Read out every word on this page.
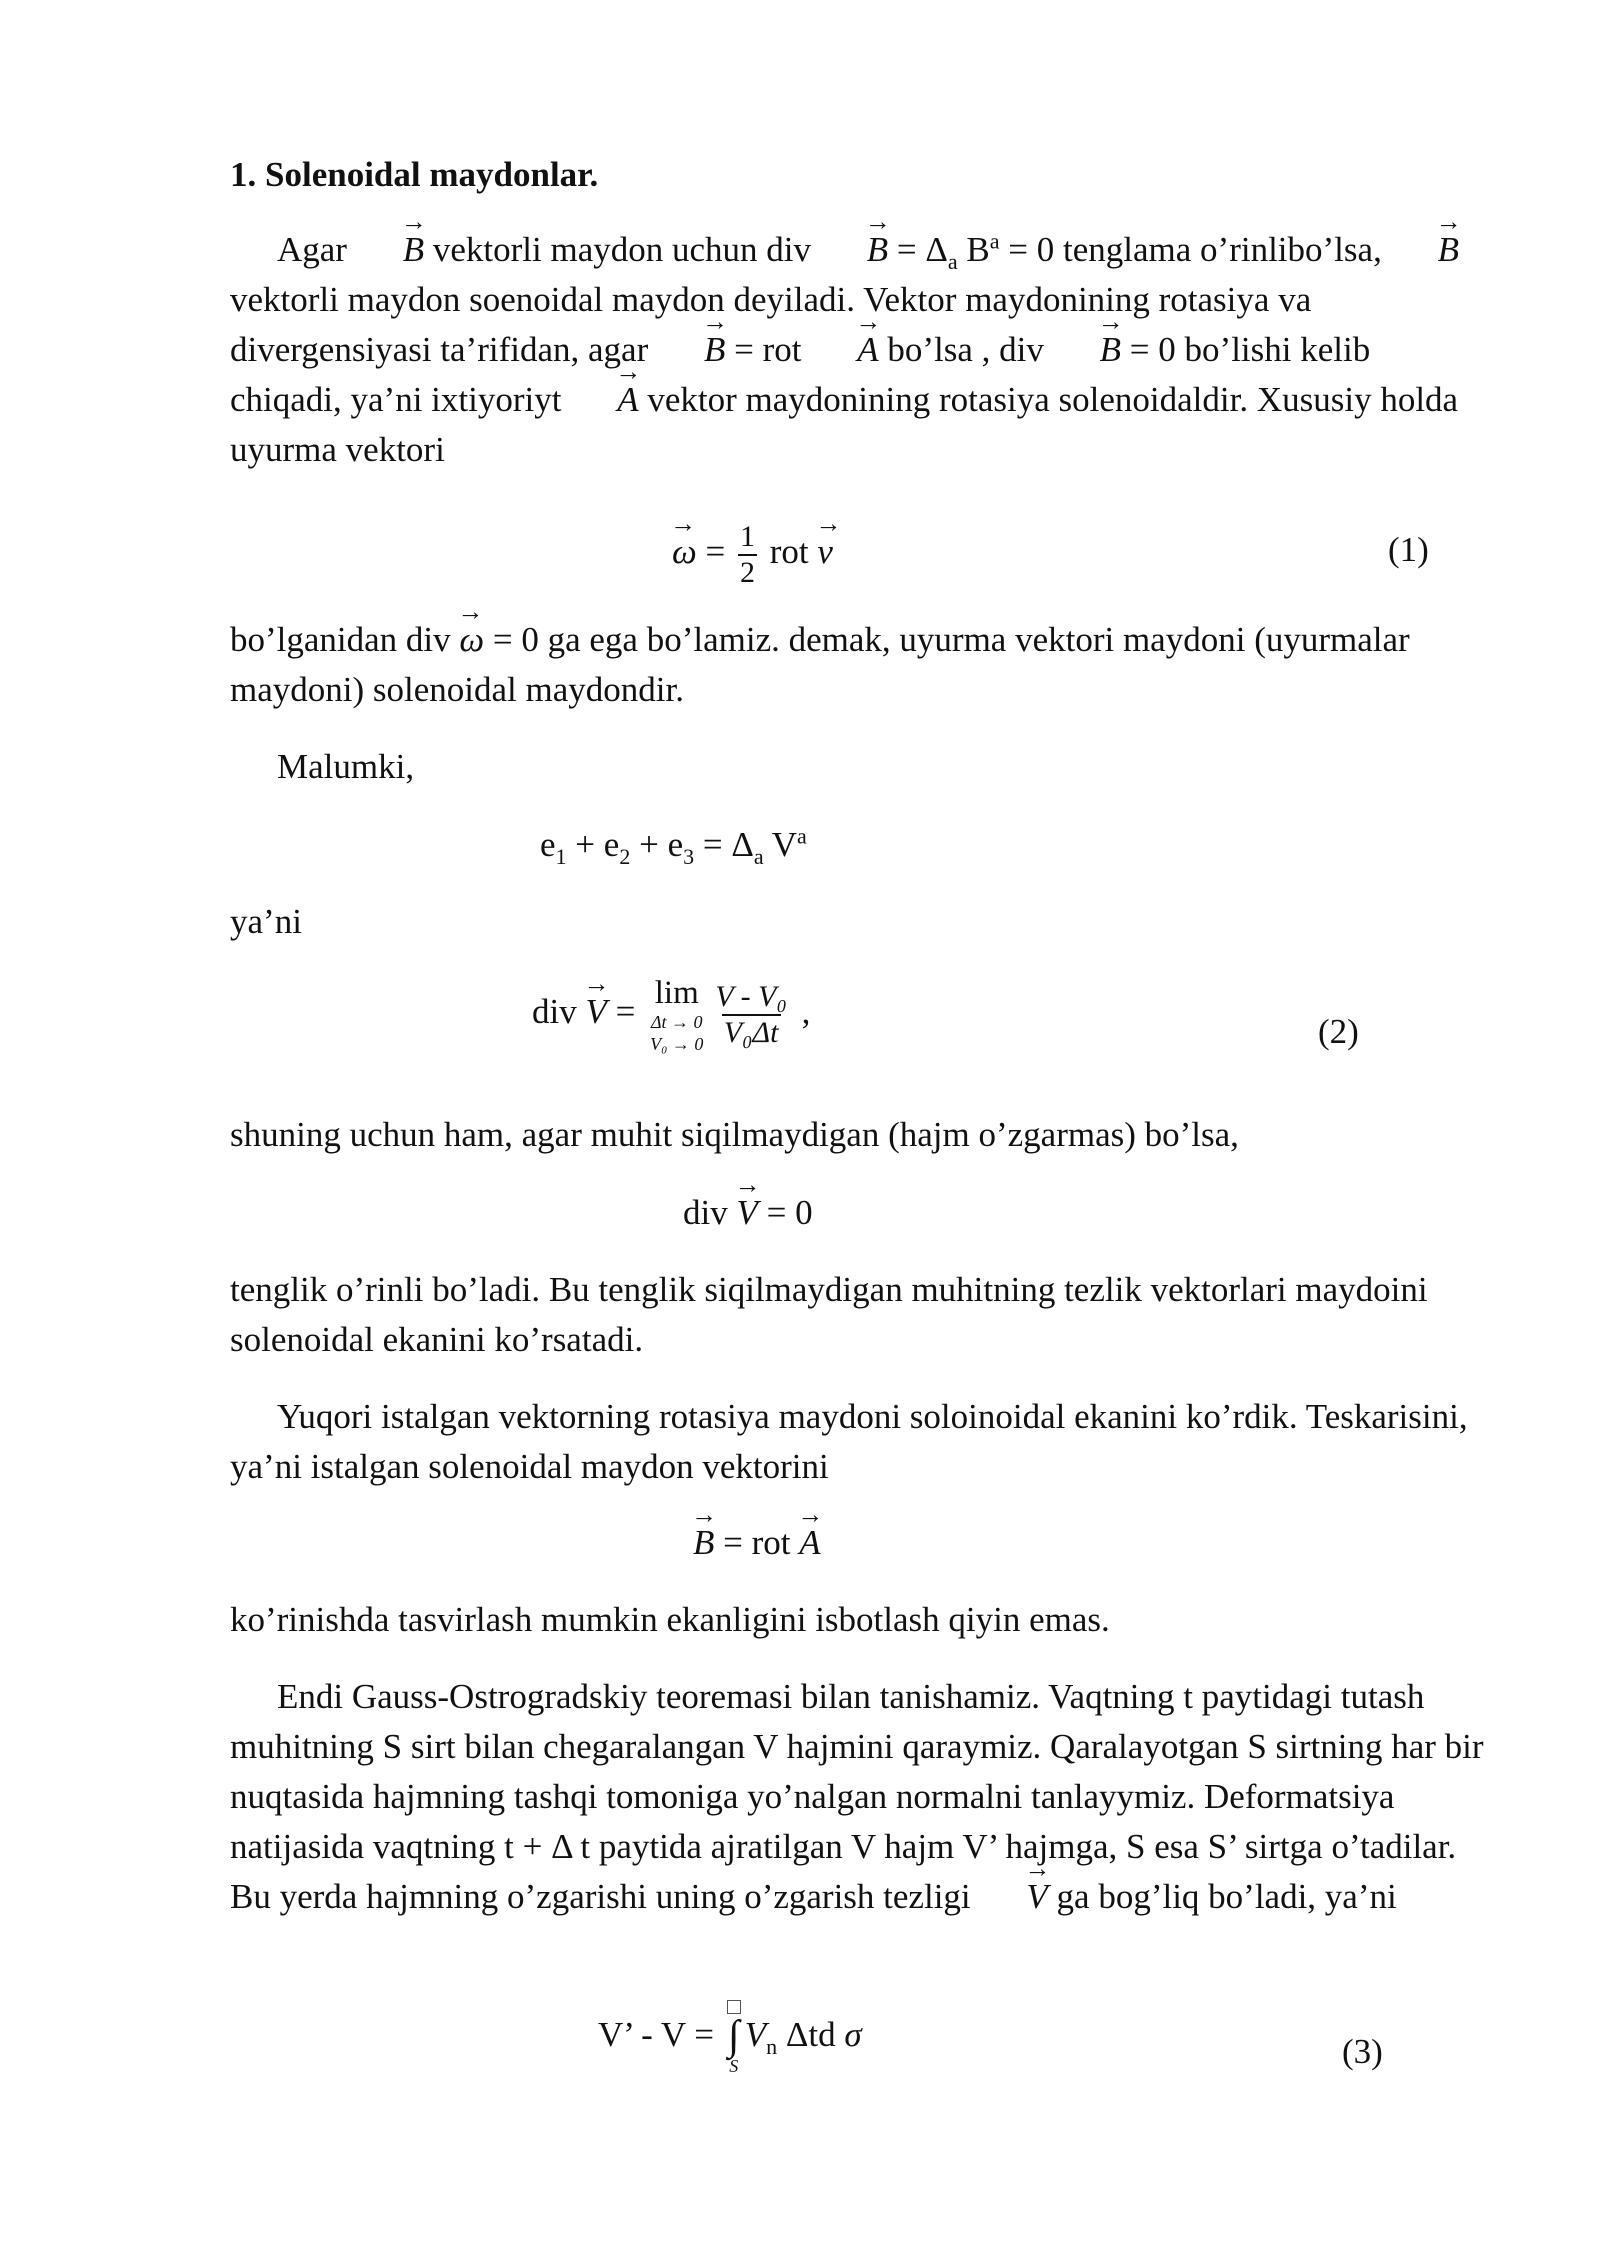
1. Solenoidal maydonlar.

Agar → B vektorli maydon uchun div → $B = \Delta_a$ $B^a = 0$ tenglama o’rinlibo’lsa, → B vektorli maydon soenoidal maydon deyiladi. Vektor maydonining rotasiya va divergensiyasi ta’rifidan, agar → B = rot → A bo’lsa , div → B = 0 bo’lishi kelib chiqadi, ya’ni ixtiyoriyt → A vektor maydonining rotasiya solenoidaldir. Xususiy holda uyurma vektori

→ $\omega = \frac{1}{2}$ rot → v	(1)

bo’lganidan div → ω = 0 ga ega bo’lamiz. demak, uyurma vektori maydoni (uyurmalar maydoni) solenoidal maydondir.

Malumki,

$e_1 + e_2 + e_3 = \Delta_a$ $V^a$

ya’ni

div → V = lim
Δt → 0
$V_0 \to 0 \frac{\text{V - V₀}}{\text{V₀Δt}}$ ,
(2)

shuning uchun ham, agar muhit siqilmaydigan (hajm o’zgarmas) bo’lsa,

div → V = 0

tenglik o’rinli bo’ladi. Bu tenglik siqilmaydigan muhitning tezlik vektorlari maydoini solenoidal ekanini ko’rsatadi.

Yuqori istalgan vektorning rotasiya maydoni soloinoidal ekanini ko’rdik. Teskarisini, ya’ni istalgan solenoidal maydon vektorini

→ B = rot → A

ko’rinishda tasvirlash mumkin ekanligini isbotlash qiyin emas.

Endi Gauss-Ostrogradskiy teoremasi bilan tanishamiz. Vaqtning t paytidagi tutash muhitning S sirt bilan chegaralangan V hajmini qaraymiz. Qaralayotgan S sirtning har bir nuqtasida hajmning tashqi tomoniga yo’nalgan normalni tanlayymiz. Deformatsiya natijasida vaqtning t + Δ t paytida ajratilgan V hajm V’ hajmga, S esa S’ sirtga o’tadilar. Bu yerda hajmning o’zgarishi uning o’zgarish tezligi → V ga bog’liq bo’ladi, ya’ni

V’ - V = ∫
S
$V_n$ Δtd σ	(3)
